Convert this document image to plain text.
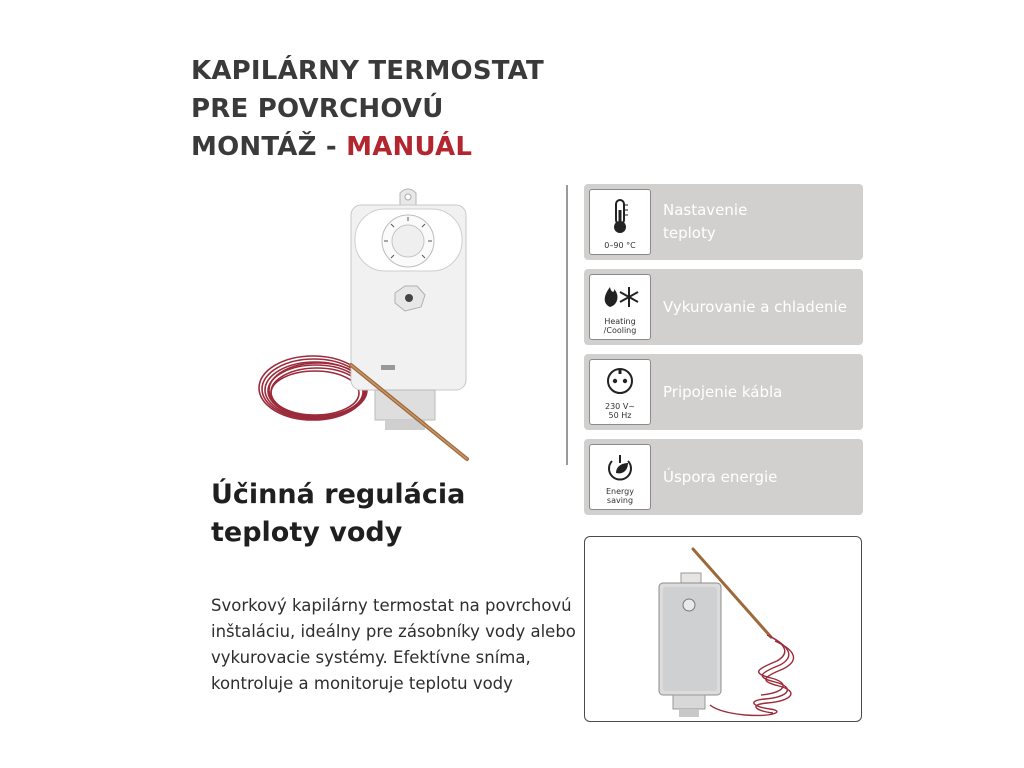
KAPILÁRNY TERMOSTAT
PRE POVRCHOVÚ
MONTÁŽ - MANUÁL
Účinná regulácia
teploty vody
Svorkový kapilárny termostat na povrchovú inštaláciu, ideálny pre zásobníky vody alebo vykurovacie systémy. Efektívne sníma, kontroluje a monitoruje teplotu vody
0–90 °C
Nastavenie
teploty
Heating
/Cooling
Vykurovanie a chladenie
230 V~
50 Hz
Pripojenie kábla
Energy
saving
Úspora energie
